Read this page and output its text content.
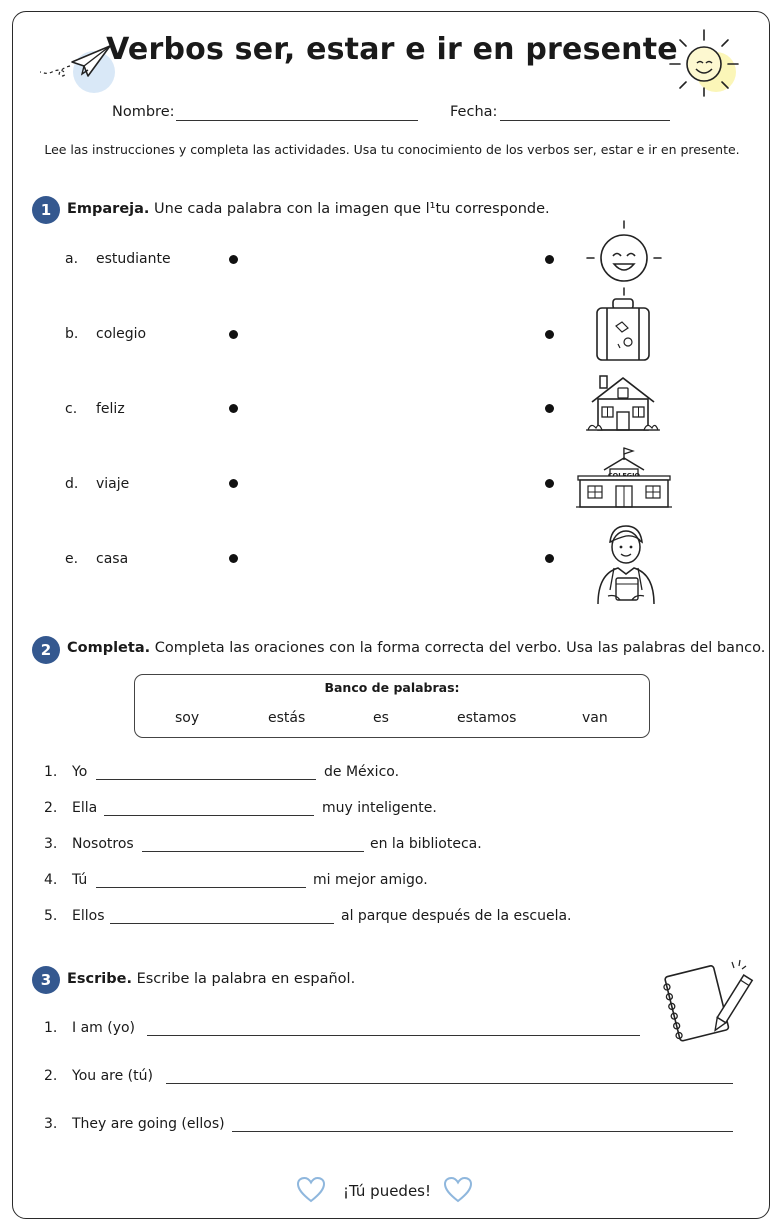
Verbos ser, estar e ir en presente
Nombre:	Fecha:
Lee las instrucciones y completa las actividades. Usa tu conocimiento de los verbos ser, estar e ir en presente.
1	Empareja. Une cada palabra con la imagen que l¹tu corresponde.
a. estudiante
b. colegio
c. feliz
d. viaje
e. casa
2	Completa. Completa las oraciones con la forma correcta del verbo. Usa las palabras del banco.
Banco de palabras:
soy	estás	es	estamos	van
1. Yo	de México.
2. Ella	muy inteligente.
3. Nosotros	en la biblioteca.
4. Tú	mi mejor amigo.
5. Ellos	al parque después de la escuela.
3	Escribe. Escribe la palabra en español.
1. I am (yo)
2. You are (tú)
3. They are going (ellos)
¡Tú puedes!
